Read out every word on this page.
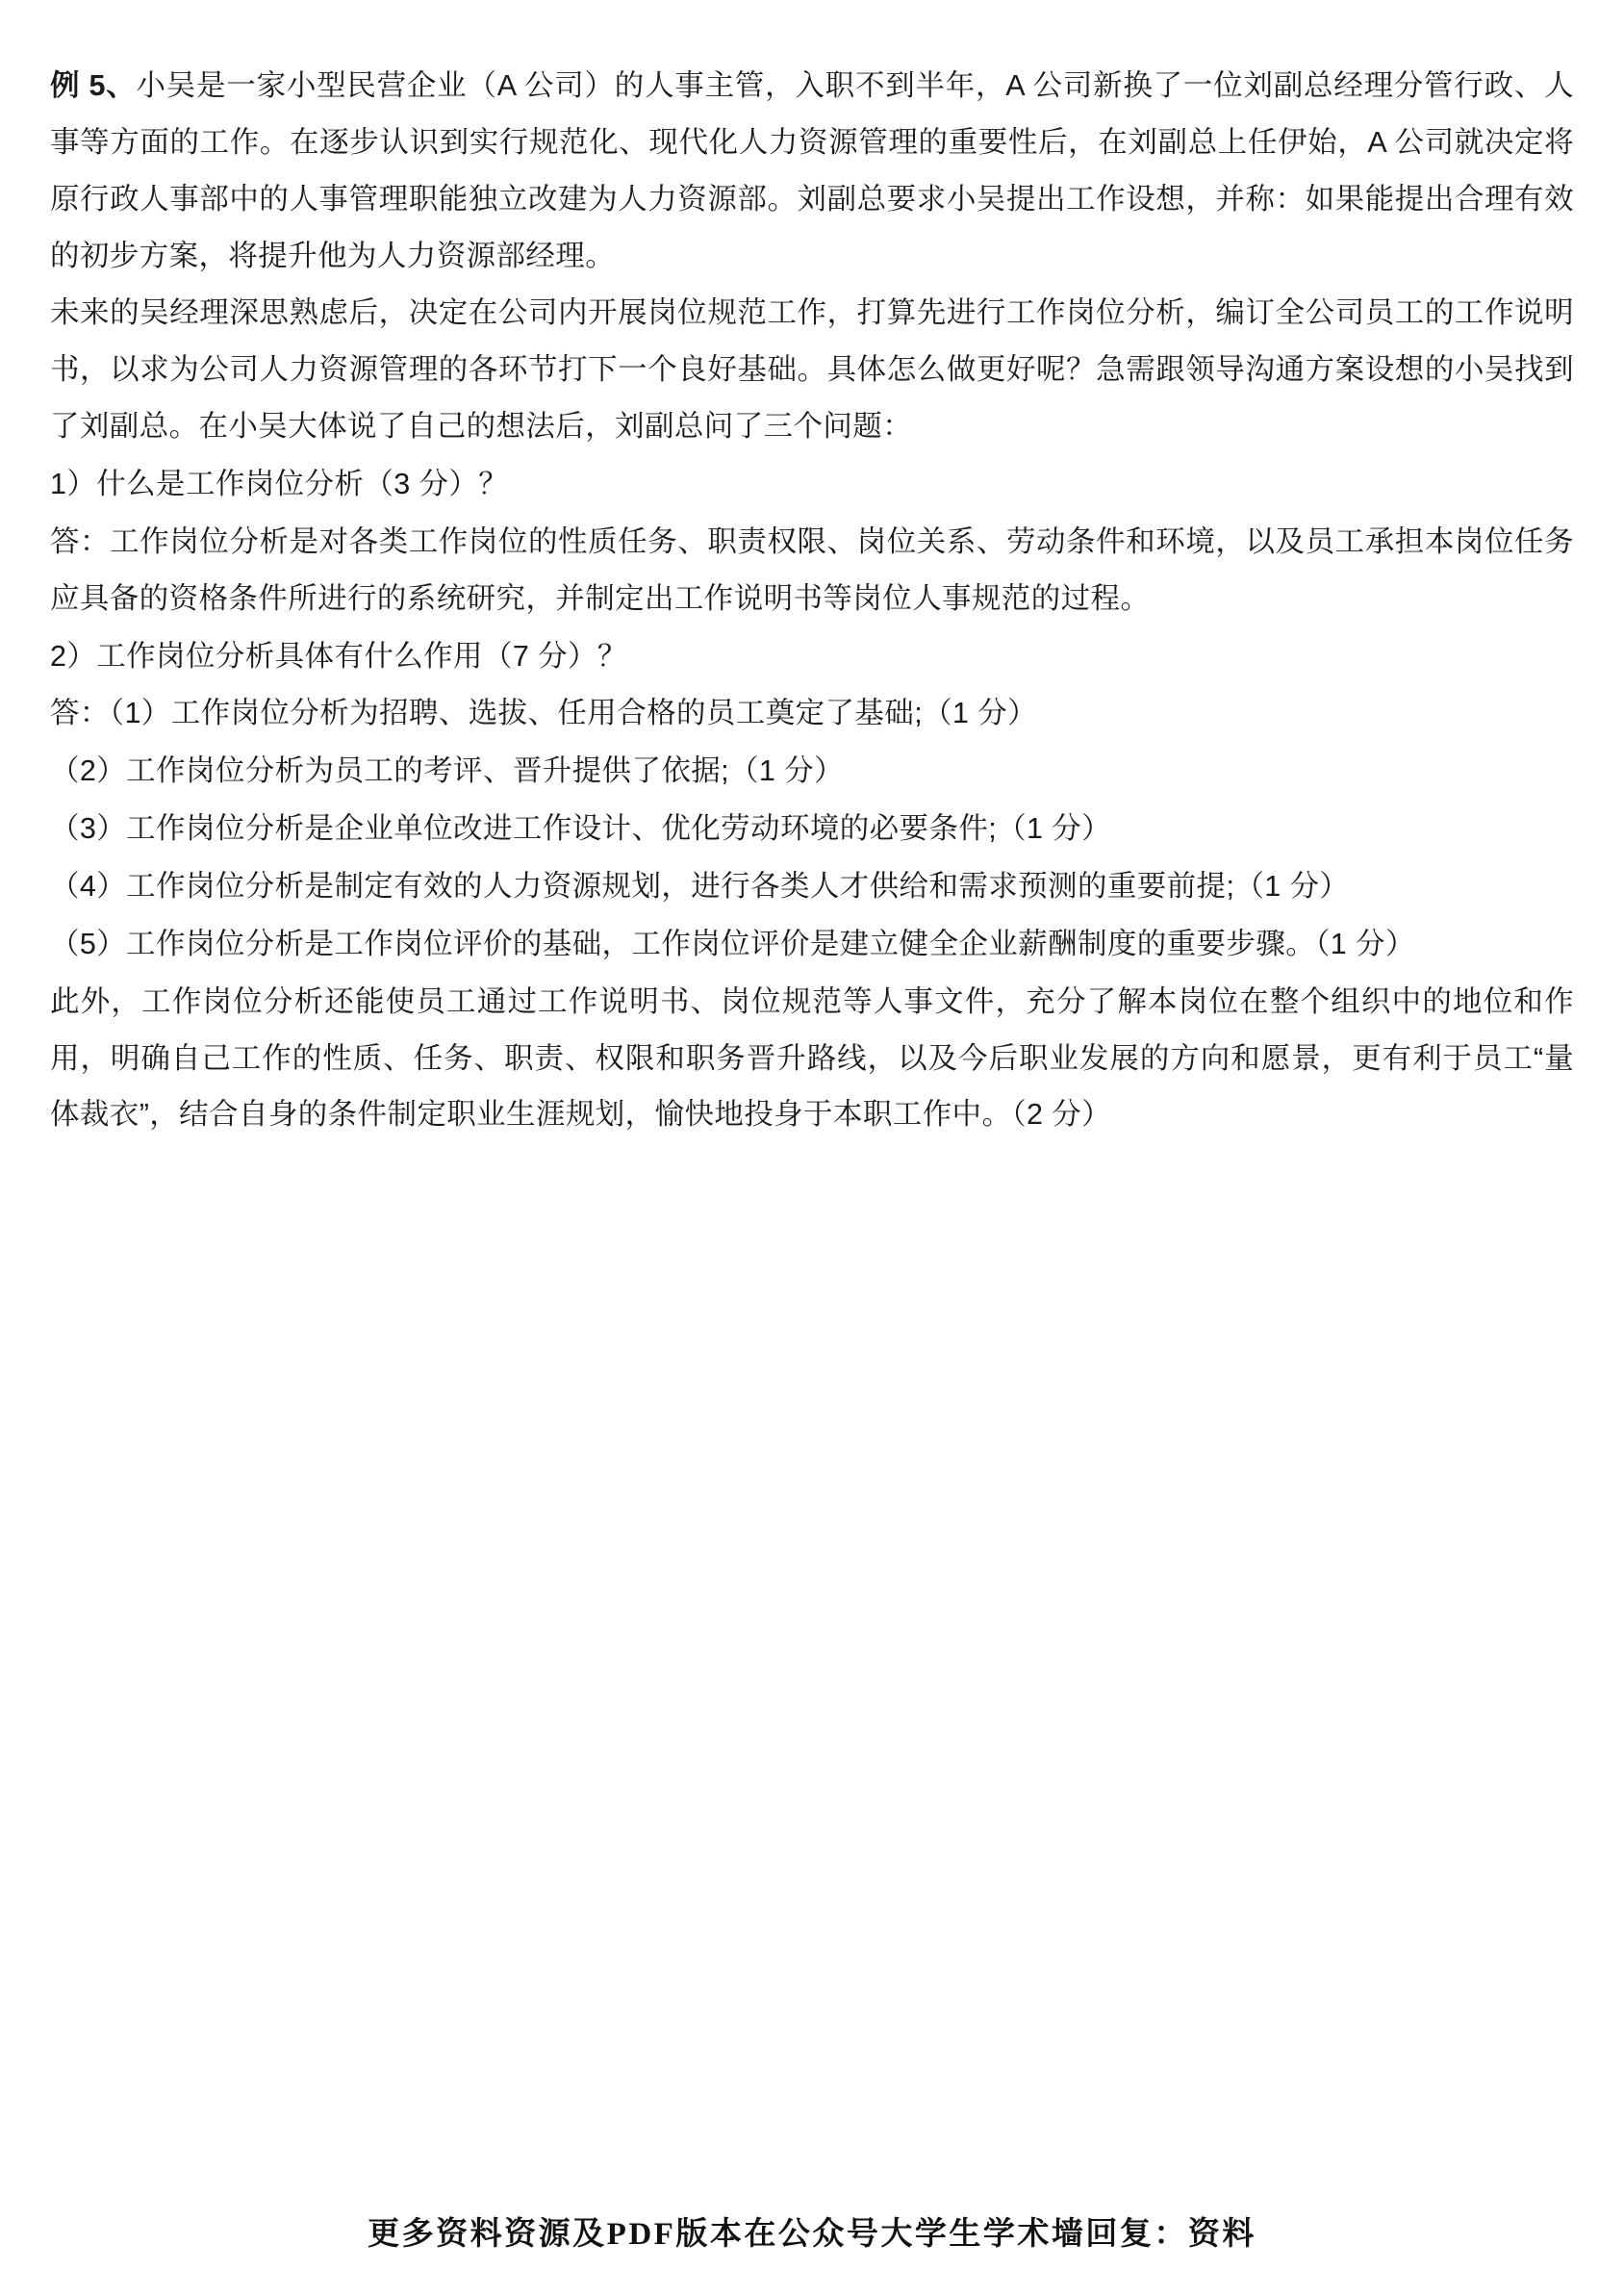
例 5、小吴是一家小型民营企业（A 公司）的人事主管，入职不到半年，A 公司新换了一位刘副总经理分管行政、人事等方面的工作。在逐步认识到实行规范化、现代化人力资源管理的重要性后，在刘副总上任伊始，A 公司就决定将原行政人事部中的人事管理职能独立改建为人力资源部。刘副总要求小吴提出工作设想，并称：如果能提出合理有效的初步方案，将提升他为人力资源部经理。

未来的吴经理深思熟虑后，决定在公司内开展岗位规范工作，打算先进行工作岗位分析，编订全公司员工的工作说明书，以求为公司人力资源管理的各环节打下一个良好基础。具体怎么做更好呢？急需跟领导沟通方案设想的小吴找到了刘副总。在小吴大体说了自己的想法后，刘副总问了三个问题：

1）什么是工作岗位分析（3 分）？

答：工作岗位分析是对各类工作岗位的性质任务、职责权限、岗位关系、劳动条件和环境，以及员工承担本岗位任务应具备的资格条件所进行的系统研究，并制定出工作说明书等岗位人事规范的过程。

2）工作岗位分析具体有什么作用（7 分）？

答：（1）工作岗位分析为招聘、选拔、任用合格的员工奠定了基础;（1 分）

（2）工作岗位分析为员工的考评、晋升提供了依据;（1 分）

（3）工作岗位分析是企业单位改进工作设计、优化劳动环境的必要条件;（1 分）

（4）工作岗位分析是制定有效的人力资源规划，进行各类人才供给和需求预测的重要前提;（1 分）

（5）工作岗位分析是工作岗位评价的基础，工作岗位评价是建立健全企业薪酬制度的重要步骤。（1 分）

此外，工作岗位分析还能使员工通过工作说明书、岗位规范等人事文件，充分了解本岗位在整个组织中的地位和作用，明确自己工作的性质、任务、职责、权限和职务晋升路线，以及今后职业发展的方向和愿景，更有利于员工“量体裁衣”，结合自身的条件制定职业生涯规划，愉快地投身于本职工作中。（2 分）

更多资料资源及PDF版本在公众号大学生学术墙回复：资料
